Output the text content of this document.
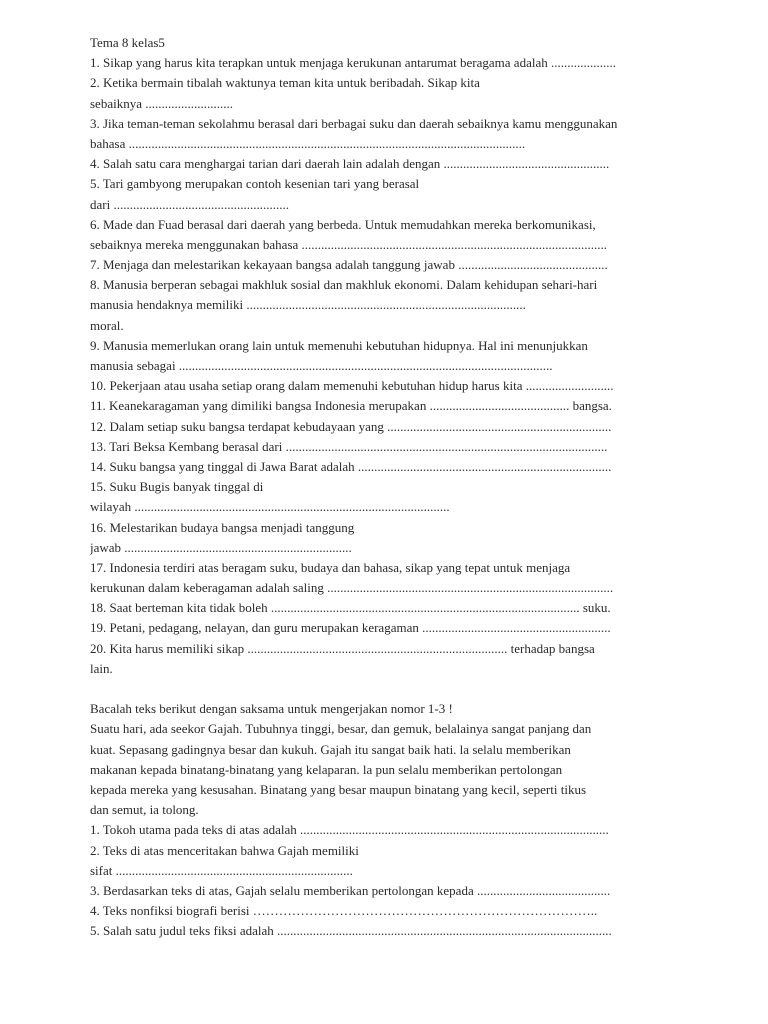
Tema 8 kelas5
1. Sikap yang harus kita terapkan untuk menjaga kerukunan antarumat beragama adalah ....................
2. Ketika bermain tibalah waktunya teman kita untuk beribadah. Sikap kita
sebaiknya ...........................
3. Jika teman-teman sekolahmu berasal dari berbagai suku dan daerah sebaiknya kamu menggunakan
bahasa ..........................................................................................................................
4. Salah satu cara menghargai tarian dari daerah lain adalah dengan ...................................................
5. Tari gambyong merupakan contoh kesenian tari yang berasal
dari ......................................................
6. Made dan Fuad berasal dari daerah yang berbeda. Untuk memudahkan mereka berkomunikasi,
sebaiknya mereka menggunakan bahasa ..............................................................................................
7. Menjaga dan melestarikan kekayaan bangsa adalah tanggung jawab ..............................................
8. Manusia berperan sebagai makhluk sosial dan makhluk ekonomi. Dalam kehidupan sehari-hari
manusia hendaknya memiliki ......................................................................................
moral.
9. Manusia memerlukan orang lain untuk memenuhi kebutuhan hidupnya. Hal ini menunjukkan
manusia sebagai ...................................................................................................................
10. Pekerjaan atau usaha setiap orang dalam memenuhi kebutuhan hidup harus kita ...........................
11. Keanekaragaman yang dimiliki bangsa Indonesia merupakan ........................................... bangsa.
12. Dalam setiap suku bangsa terdapat kebudayaan yang .....................................................................
13. Tari Beksa Kembang berasal dari ...................................................................................................
14. Suku bangsa yang tinggal di Jawa Barat adalah ..............................................................................
15. Suku Bugis banyak tinggal di
wilayah .................................................................................................
16. Melestarikan budaya bangsa menjadi tanggung
jawab ......................................................................
17. Indonesia terdiri atas beragam suku, budaya dan bahasa, sikap yang tepat untuk menjaga
kerukunan dalam keberagaman adalah saling ........................................................................................
18. Saat berteman kita tidak boleh ............................................................................................... suku.
19. Petani, pedagang, nelayan, dan guru merupakan keragaman ..........................................................
20. Kita harus memiliki sikap ................................................................................ terhadap bangsa
lain.
Bacalah teks berikut dengan saksama untuk mengerjakan nomor 1-3 !
Suatu hari, ada seekor Gajah. Tubuhnya tinggi, besar, dan gemuk, belalainya sangat panjang dan
kuat. Sepasang gadingnya besar dan kukuh. Gajah itu sangat baik hati. la selalu memberikan
makanan kepada binatang-binatang yang kelaparan. la pun selalu memberikan pertolongan
kepada mereka yang kesusahan. Binatang yang besar maupun binatang yang kecil, seperti tikus
dan semut, ia tolong.
1. Tokoh utama pada teks di atas adalah ...............................................................................................
2. Teks di atas menceritakan bahwa Gajah memiliki
sifat .........................................................................
3. Berdasarkan teks di atas, Gajah selalu memberikan pertolongan kepada .........................................
4. Teks nonfiksi biografi berisi ……………………………………………………………………..
5. Salah satu judul teks fiksi adalah .......................................................................................................
